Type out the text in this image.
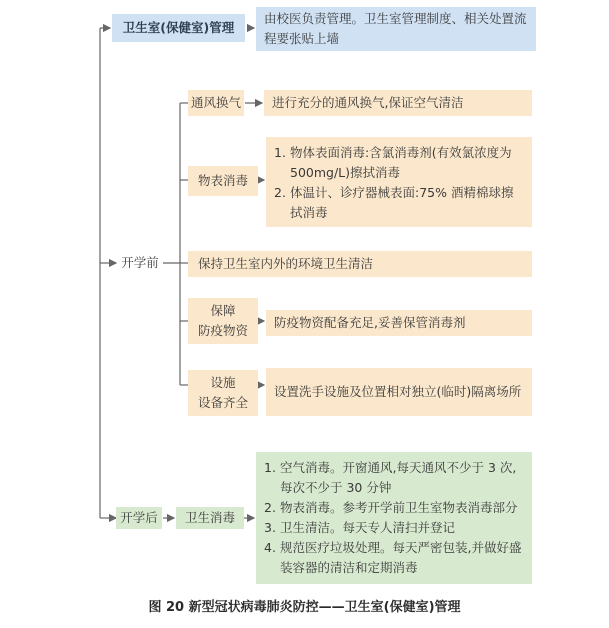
卫生室(保健室)管理
由校医负责管理。卫生室管理制度、相关处置流程要张贴上墙
开学前
通风换气	进行充分的通风换气,保证空气清洁
物表消毒
1. 物体表面消毒:含氯消毒剂(有效氯浓度为500mg/L)擦拭消毒
2. 体温计、诊疗器械表面:75% 酒精棉球擦拭消毒
保持卫生室内外的环境卫生清洁
保障
防疫物资
防疫物资配备充足,妥善保管消毒剂
设施
设备齐全
设置洗手设施及位置相对独立(临时)隔离场所
开学后	卫生消毒
1. 空气消毒。开窗通风,每天通风不少于 3 次,每次不少于 30 分钟
2. 物表消毒。参考开学前卫生室物表消毒部分
3. 卫生清洁。每天专人清扫并登记
4. 规范医疗垃圾处理。每天严密包装,并做好盛装容器的清洁和定期消毒
图 20 新型冠状病毒肺炎防控——卫生室(保健室)管理
